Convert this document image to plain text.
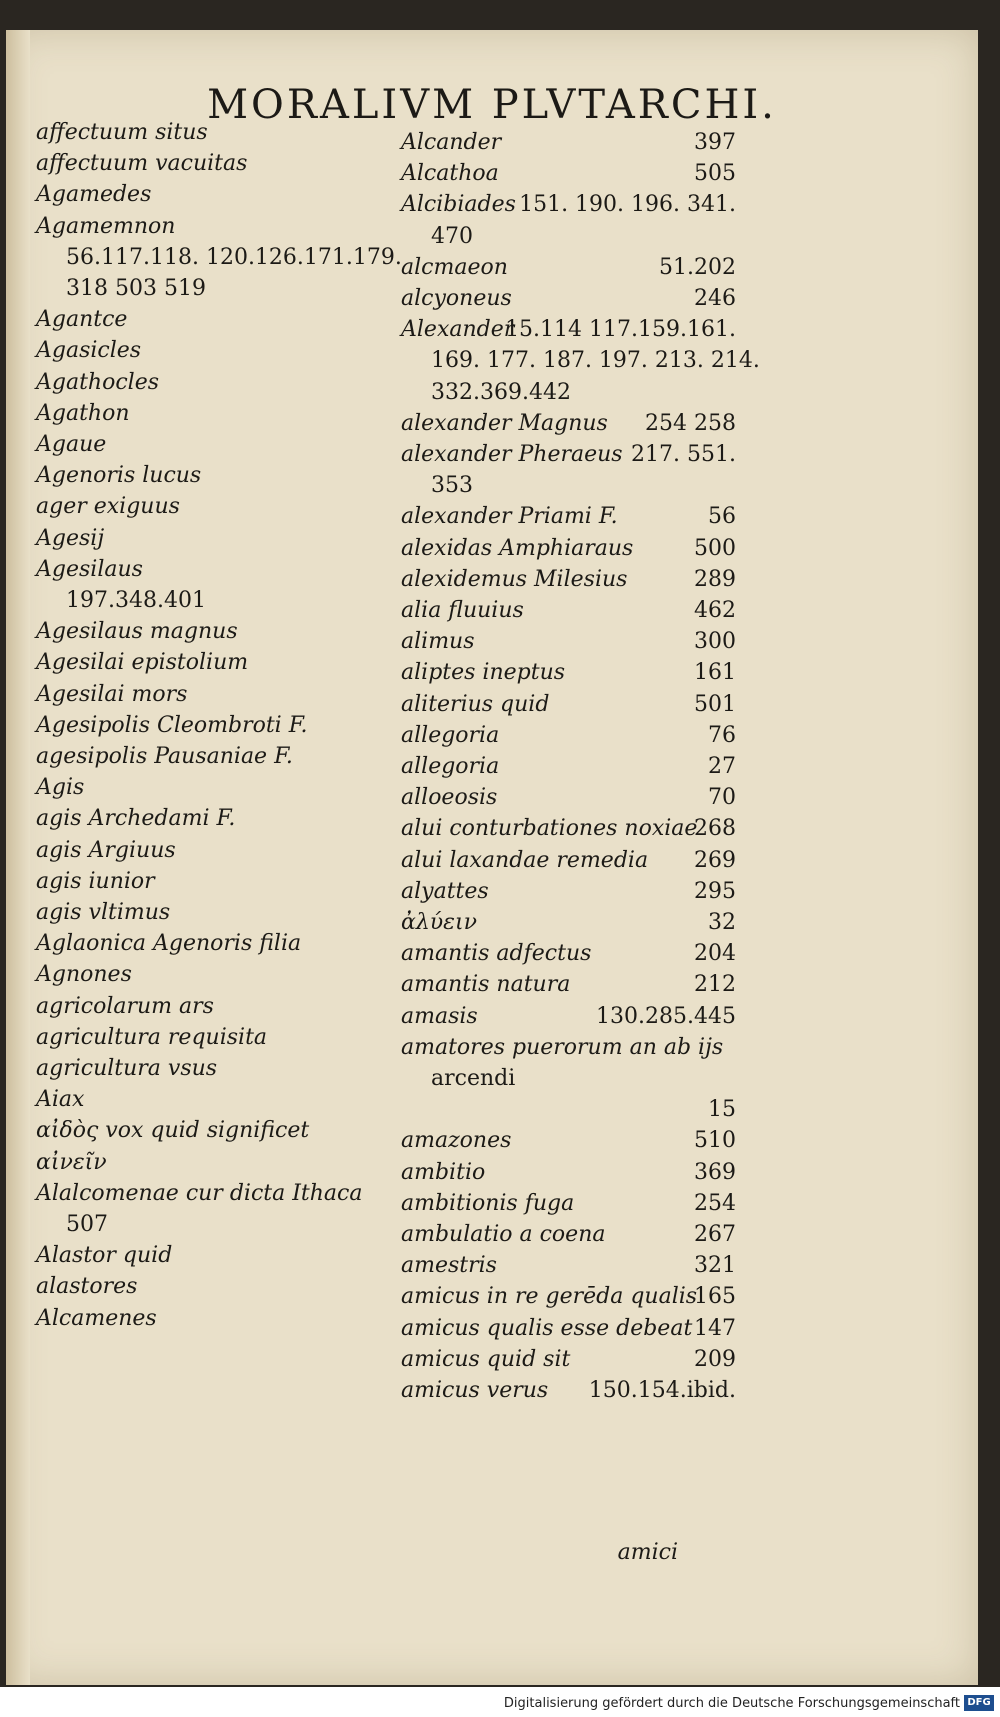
MORALIVM PLVTARCHI.
affectuum situs
affectuum vacuitas
Agamedes
Agamemnon
56.117.118. 120.126.171.179.
318 503 519
Agantce
Agasicles
Agathocles
Agathon
Agaue
Agenoris lucus
ager exiguus
Agesij
Agesilaus
197.348.401
Agesilaus magnus
Agesilai epistolium
Agesilai mors
Agesipolis Cleombroti F.
agesipolis Pausaniae F.
Agis
agis Archedami F.
agis Argiuus
agis iunior
agis vltimus
Aglaonica Agenoris filia
Agnones
agricolarum ars
agricultura requisita
agricultura vsus
Aiax
αἰδὸς vox quid significet
αἰνεῖν
Alalcomenae cur dicta Ithaca
507
Alastor quid
alastores
Alcamenes
Alcander	397
Alcathoa	505
Alcibiades 151. 190. 196. 341.
470
alcmaeon	51.202
alcyoneus	246
Alexander
15.114 117.159.161.
169. 177. 187. 197. 213. 214.
332.369.442
alexander Magnus 254 258
alexander Pheraeus 217. 551.
353
alexander Priami F.	56
alexidas Amphiaraus	500
alexidemus Milesius	289
alia fluuius	462
alimus	300
aliptes ineptus	161
aliterius quid	501
allegoria	76
allegoria	27
alloeosis	70
alui conturbationes noxiae
268
alui laxandae remedia 269
alyattes	295
ἀλύειν	32
amantis adfectus	204
amantis natura	212
amasis	130.285.445
amatores puerorum an ab ijs
arcendi
15
amazones	510
ambitio	369
ambitionis fuga	254
ambulatio a coena	267
amestris	321
amicus in re gerēda qualis
165
amicus qualis esse debeat 147
amicus quid sit	209
amicus verus 150.154.ibid.
amici
Digitalisierung gefördert durch die Deutsche Forschungsgemeinschaft DFG
